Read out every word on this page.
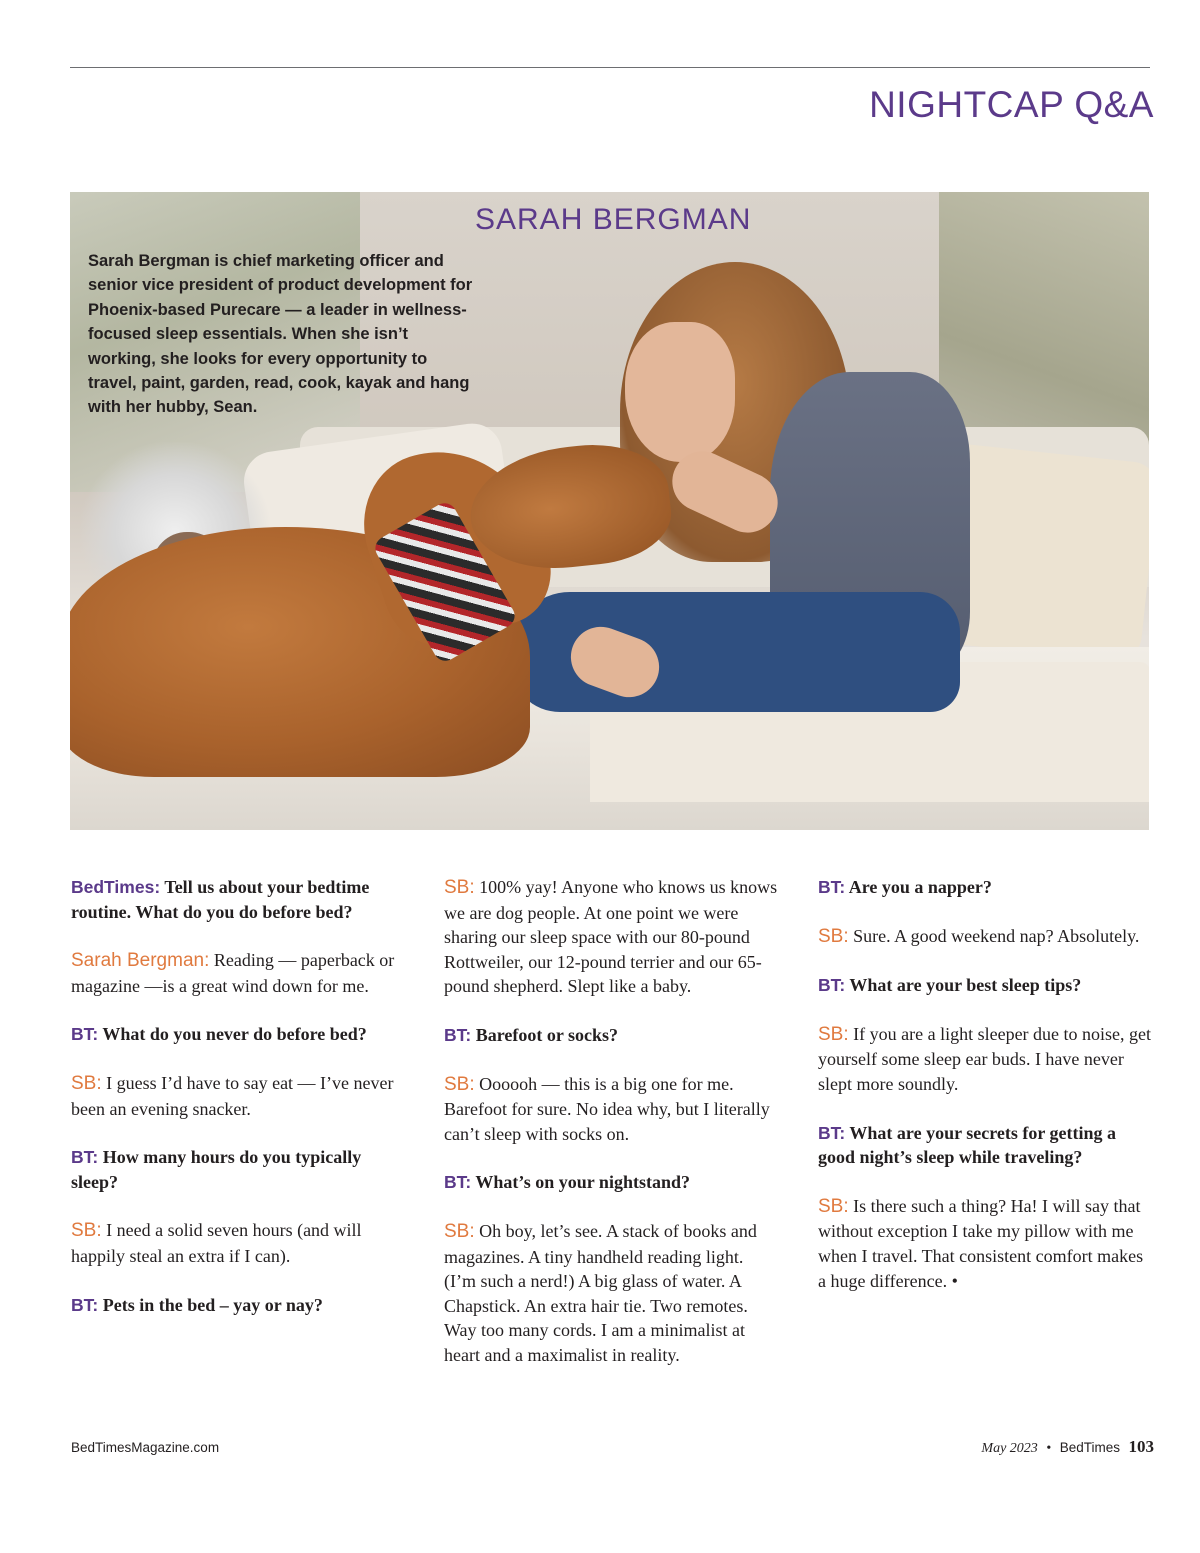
NIGHTCAP Q&A
SARAH BERGMAN

Sarah Bergman is chief marketing officer and senior vice president of product development for Phoenix-based Purecare — a leader in wellness-focused sleep essentials. When she isn’t working, she looks for every opportunity to travel, paint, garden, read, cook, kayak and hang with her hubby, Sean.

BedTimes: Tell us about your bedtime routine. What do you do before bed?

Sarah Bergman: Reading — paperback or magazine —is a great wind down for me.

BT: What do you never do before bed?

SB: I guess I’d have to say eat — I’ve never been an evening snacker.

BT: How many hours do you typically sleep?

SB: I need a solid seven hours (and will happily steal an extra if I can).

BT: Pets in the bed – yay or nay?

SB: 100% yay! Anyone who knows us knows we are dog people. At one point we were sharing our sleep space with our 80-pound Rottweiler, our 12-pound terrier and our 65-pound shepherd. Slept like a baby.

BT: Barefoot or socks?

SB: Oooooh — this is a big one for me. Barefoot for sure. No idea why, but I literally can’t sleep with socks on.

BT: What’s on your nightstand?

SB: Oh boy, let’s see. A stack of books and magazines. A tiny handheld reading light. (I’m such a nerd!) A big glass of water. A Chapstick. An extra hair tie. Two remotes. Way too many cords. I am a minimalist at heart and a maximalist in reality.

BT: Are you a napper?

SB: Sure. A good weekend nap? Absolutely.

BT: What are your best sleep tips?

SB: If you are a light sleeper due to noise, get yourself some sleep ear buds. I have never slept more soundly.

BT: What are your secrets for getting a good night’s sleep while traveling?

SB: Is there such a thing? Ha! I will say that without exception I take my pillow with me when I travel. That consistent comfort makes a huge difference. •

BedTimesMagazine.com	May 2023 • BedTimes 103
